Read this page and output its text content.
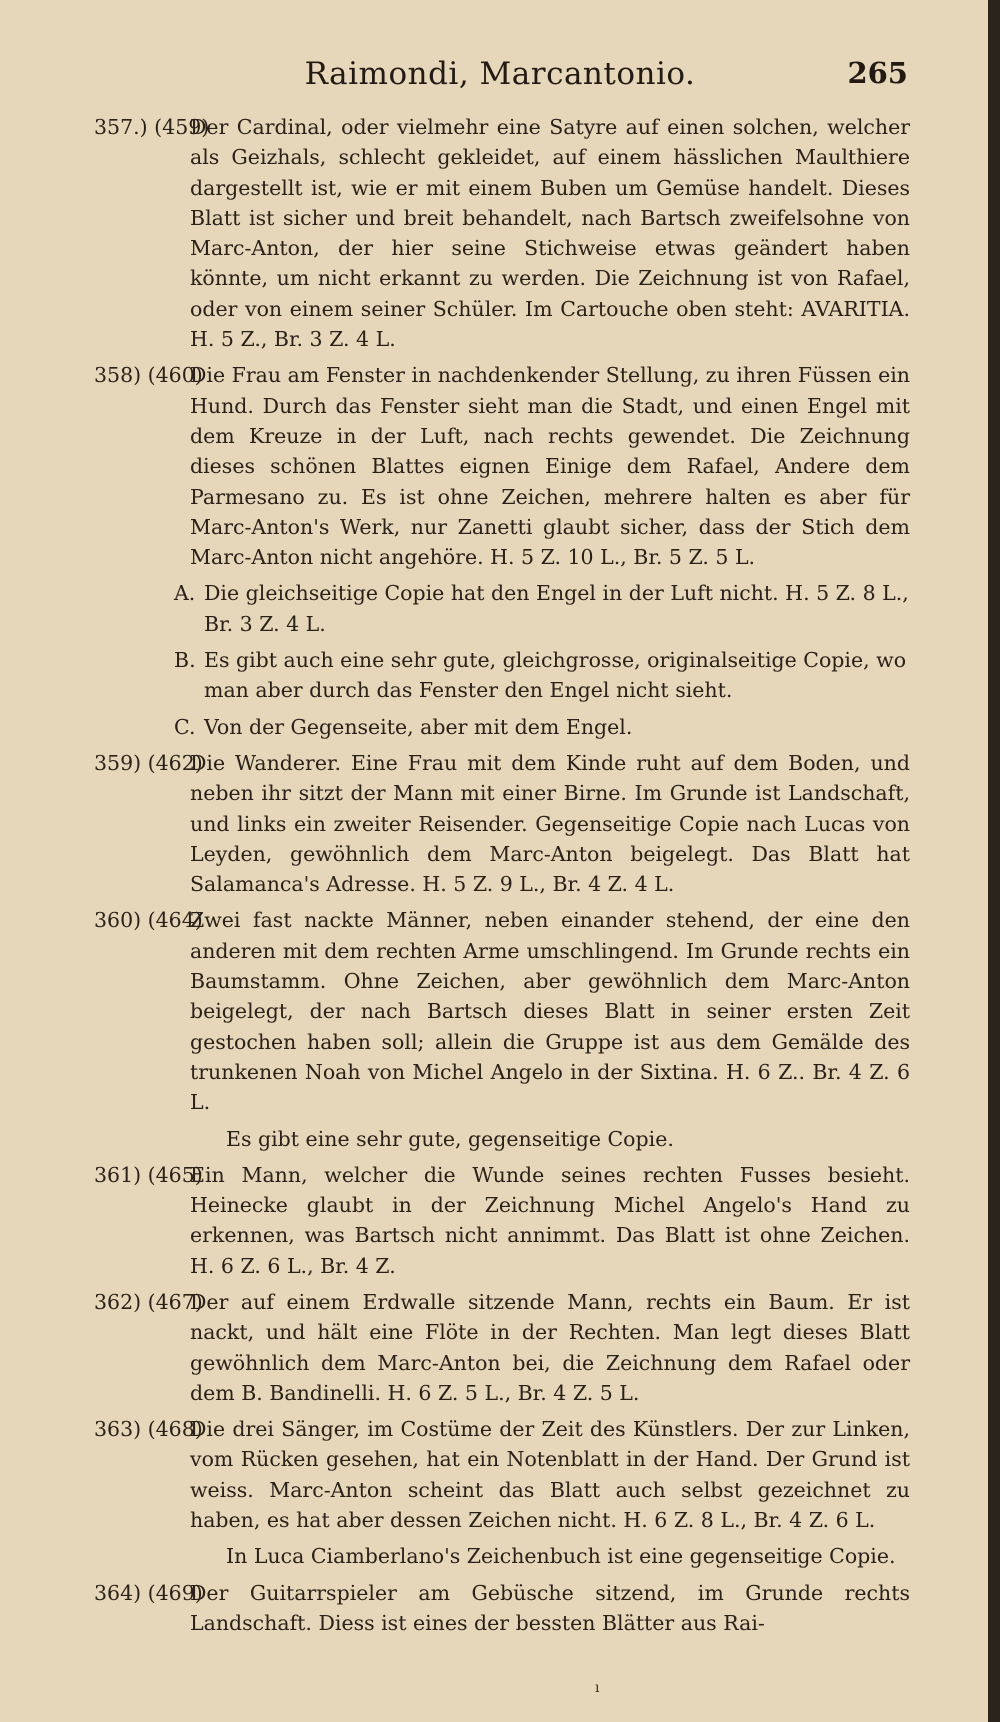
Raimondi, Marcantonio.	265
357.) (459)

Der Cardinal, oder vielmehr eine Satyre auf einen solchen, welcher als Geizhals, schlecht gekleidet, auf einem hässlichen Maulthiere dargestellt ist, wie er mit einem Buben um Gemüse handelt. Dieses Blatt ist sicher und breit behandelt, nach Bartsch zweifelsohne von Marc-Anton, der hier seine Stichweise etwas geändert haben könnte, um nicht erkannt zu werden. Die Zeichnung ist von Rafael, oder von einem seiner Schüler. Im Cartouche oben steht: AVARITIA. H. 5 Z., Br. 3 Z. 4 L.

358) (460)

Die Frau am Fenster in nachdenkender Stellung, zu ihren Füssen ein Hund. Durch das Fenster sieht man die Stadt, und einen Engel mit dem Kreuze in der Luft, nach rechts gewendet. Die Zeichnung dieses schönen Blattes eignen Einige dem Rafael, Andere dem Parmesano zu. Es ist ohne Zeichen, mehrere halten es aber für Marc-Anton's Werk, nur Zanetti glaubt sicher, dass der Stich dem Marc-Anton nicht angehöre. H. 5 Z. 10 L., Br. 5 Z. 5 L.

A. Die gleichseitige Copie hat den Engel in der Luft nicht. H. 5 Z. 8 L., Br. 3 Z. 4 L.

B. Es gibt auch eine sehr gute, gleichgrosse, originalseitige Copie, wo man aber durch das Fenster den Engel nicht sieht.

C. Von der Gegenseite, aber mit dem Engel.

359) (462)

Die Wanderer. Eine Frau mit dem Kinde ruht auf dem Boden, und neben ihr sitzt der Mann mit einer Birne. Im Grunde ist Landschaft, und links ein zweiter Reisender. Gegenseitige Copie nach Lucas von Leyden, gewöhnlich dem Marc-Anton beigelegt. Das Blatt hat Salamanca's Adresse. H. 5 Z. 9 L., Br. 4 Z. 4 L.

360) (464)

Zwei fast nackte Männer, neben einander stehend, der eine den anderen mit dem rechten Arme umschlingend. Im Grunde rechts ein Baumstamm. Ohne Zeichen, aber gewöhnlich dem Marc-Anton beigelegt, der nach Bartsch dieses Blatt in seiner ersten Zeit gestochen haben soll; allein die Gruppe ist aus dem Gemälde des trunkenen Noah von Michel Angelo in der Sixtina. H. 6 Z.. Br. 4 Z. 6 L.

Es gibt eine sehr gute, gegenseitige Copie.

361) (465)

Ein Mann, welcher die Wunde seines rechten Fusses besieht. Heinecke glaubt in der Zeichnung Michel Angelo's Hand zu erkennen, was Bartsch nicht annimmt. Das Blatt ist ohne Zeichen. H. 6 Z. 6 L., Br. 4 Z.

362) (467)

Der auf einem Erdwalle sitzende Mann, rechts ein Baum. Er ist nackt, und hält eine Flöte in der Rechten. Man legt dieses Blatt gewöhnlich dem Marc-Anton bei, die Zeichnung dem Rafael oder dem B. Bandinelli. H. 6 Z. 5 L., Br. 4 Z. 5 L.

363) (468)

Die drei Sänger, im Costüme der Zeit des Künstlers. Der zur Linken, vom Rücken gesehen, hat ein Notenblatt in der Hand. Der Grund ist weiss. Marc-Anton scheint das Blatt auch selbst gezeichnet zu haben, es hat aber dessen Zeichen nicht. H. 6 Z. 8 L., Br. 4 Z. 6 L.

In Luca Ciamberlano's Zeichenbuch ist eine gegenseitige Copie.

364) (469)

Der Guitarrspieler am Gebüsche sitzend, im Grunde rechts Landschaft. Diess ist eines der bessten Blätter aus Rai-

ı
